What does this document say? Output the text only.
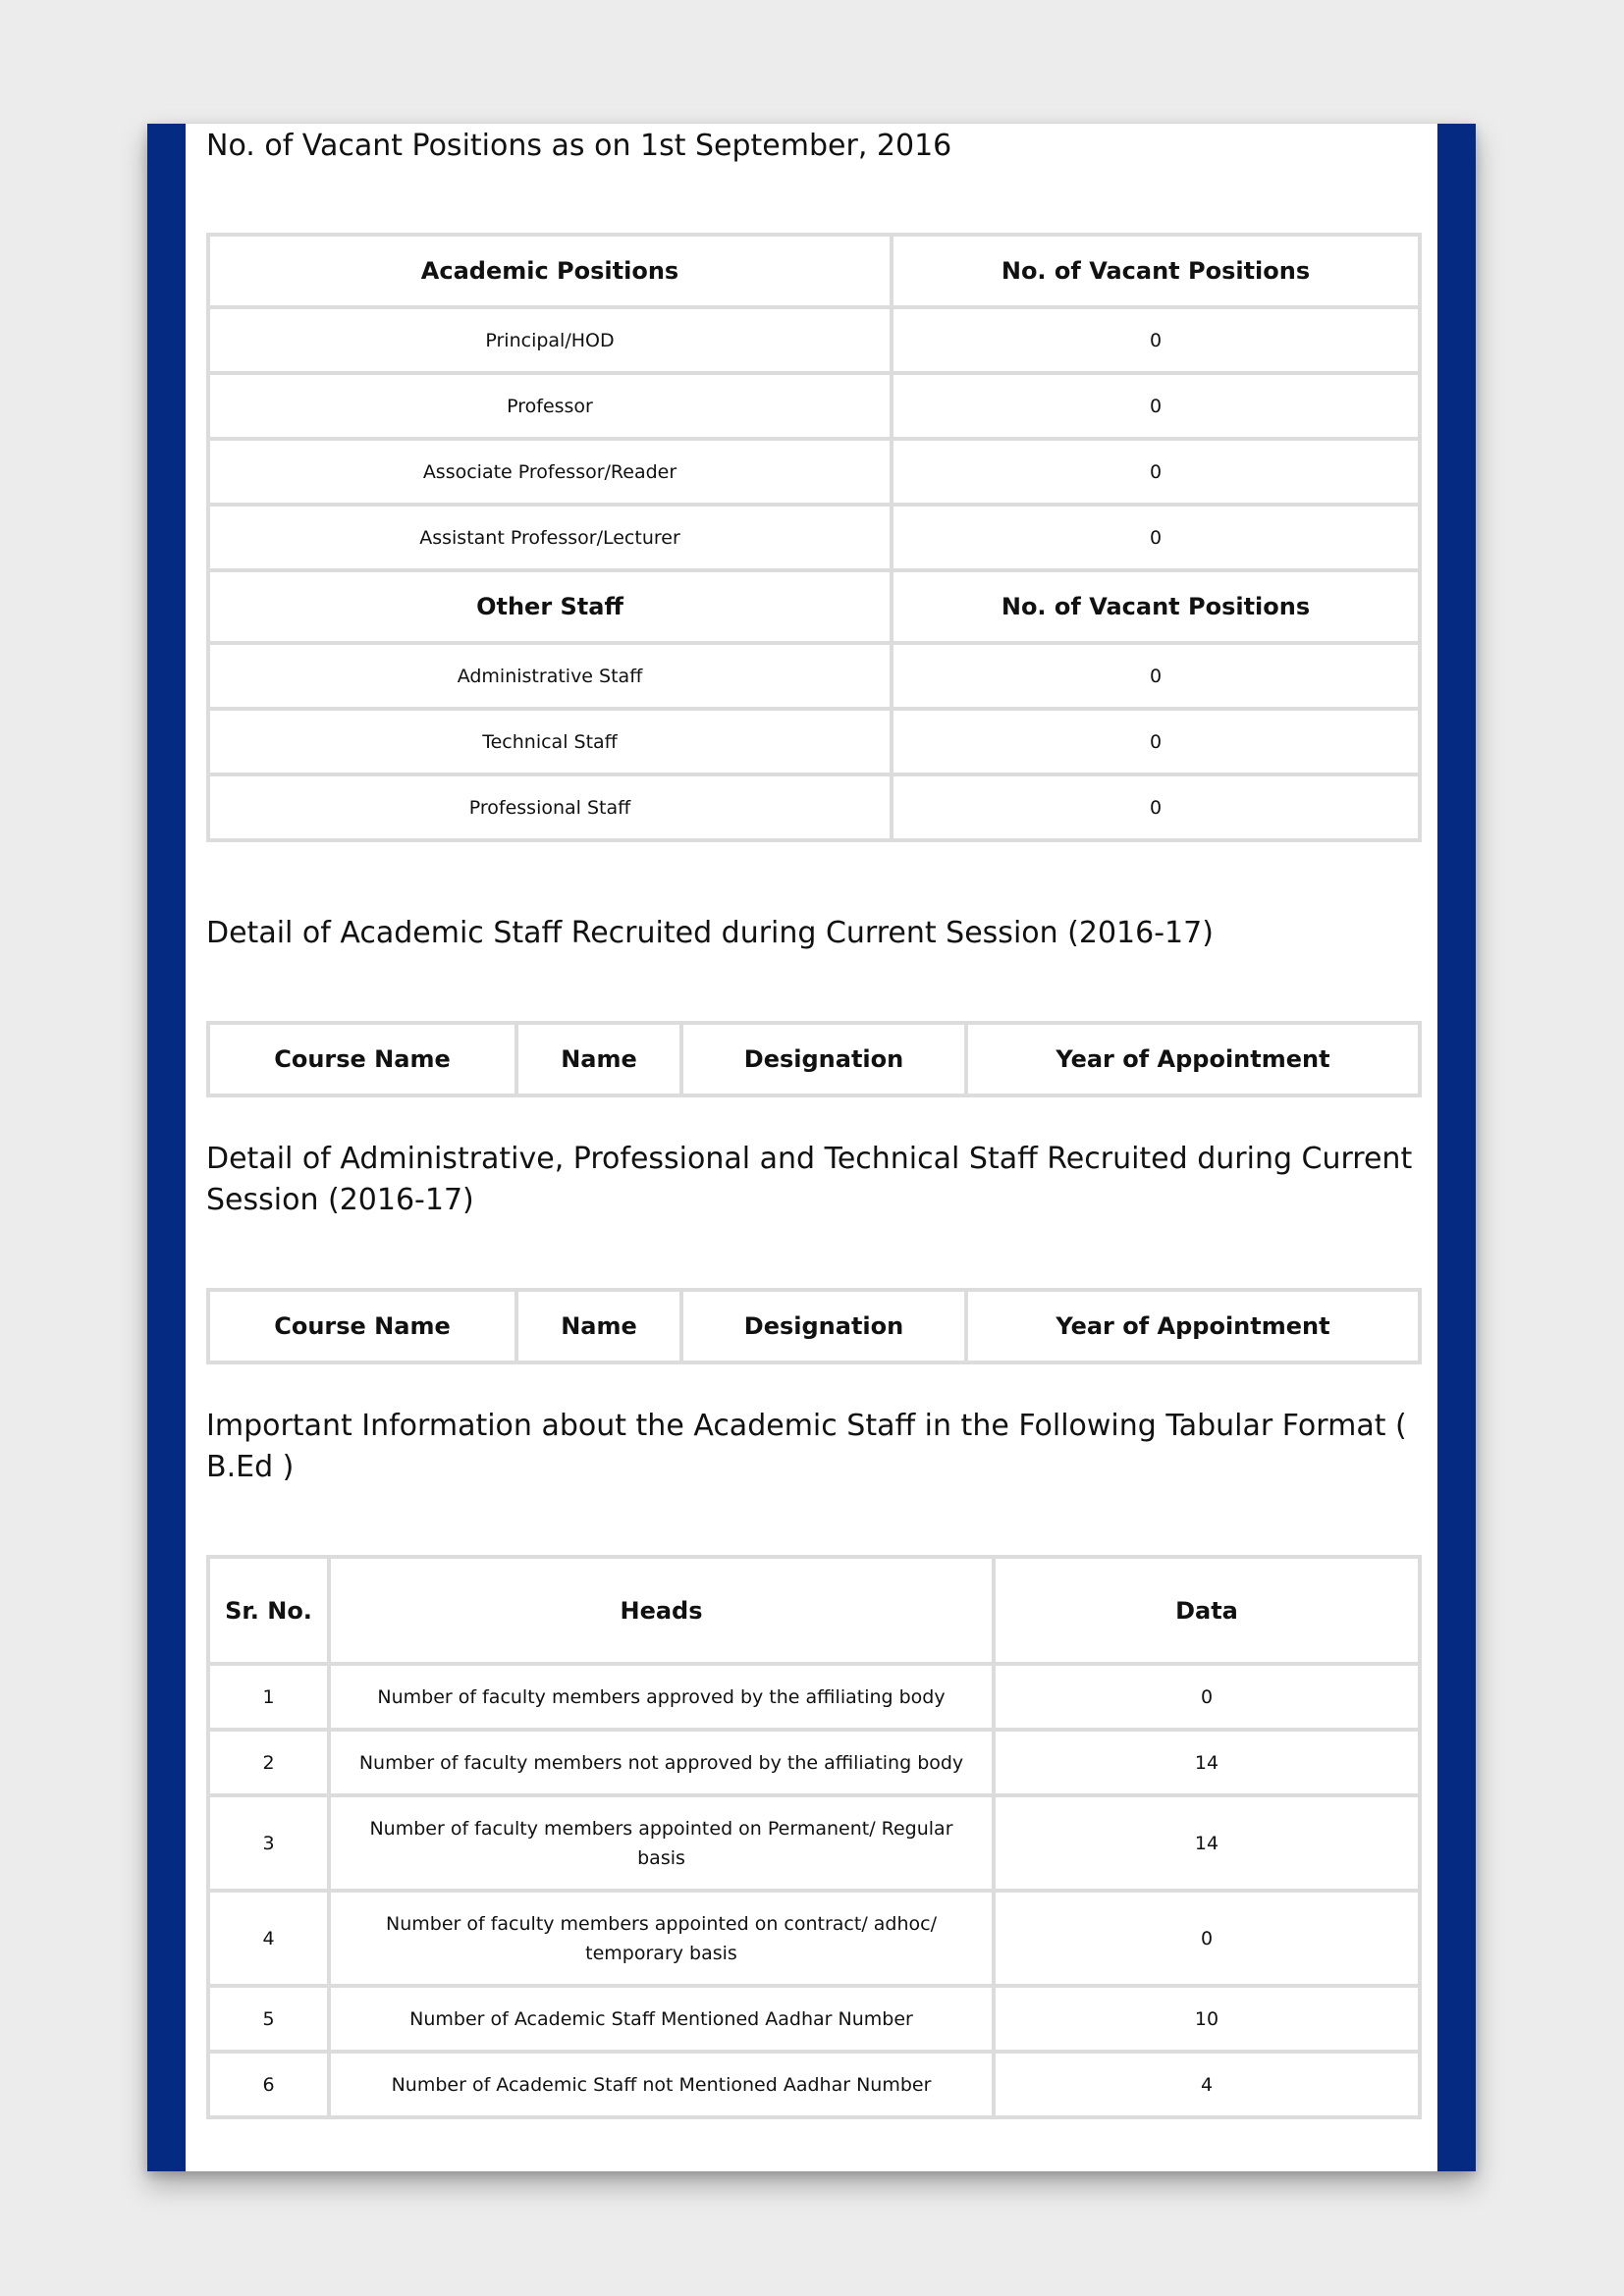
No. of Vacant Positions as on 1st September, 2016
Academic Positions	No. of Vacant Positions
Principal/HOD	0
Professor	0
Associate Professor/Reader	0
Assistant Professor/Lecturer	0
Other Staff	No. of Vacant Positions
Administrative Staff	0
Technical Staff	0
Professional Staff	0
Detail of Academic Staff Recruited during Current Session (2016-17)
Course Name	Name	Designation	Year of Appointment
Detail of Administrative, Professional and Technical Staff Recruited during Current Session (2016-17)
Course Name	Name	Designation	Year of Appointment
Important Information about the Academic Staff in the Following Tabular Format ( B.Ed )
Sr. No.	Heads	Data
1	Number of faculty members approved by the affiliating body	0
2	Number of faculty members not approved by the affiliating body	14
3	Number of faculty members appointed on Permanent/ Regular basis	14
4	Number of faculty members appointed on contract/ adhoc/ temporary basis	0
5	Number of Academic Staff Mentioned Aadhar Number	10
6	Number of Academic Staff not Mentioned Aadhar Number	4
